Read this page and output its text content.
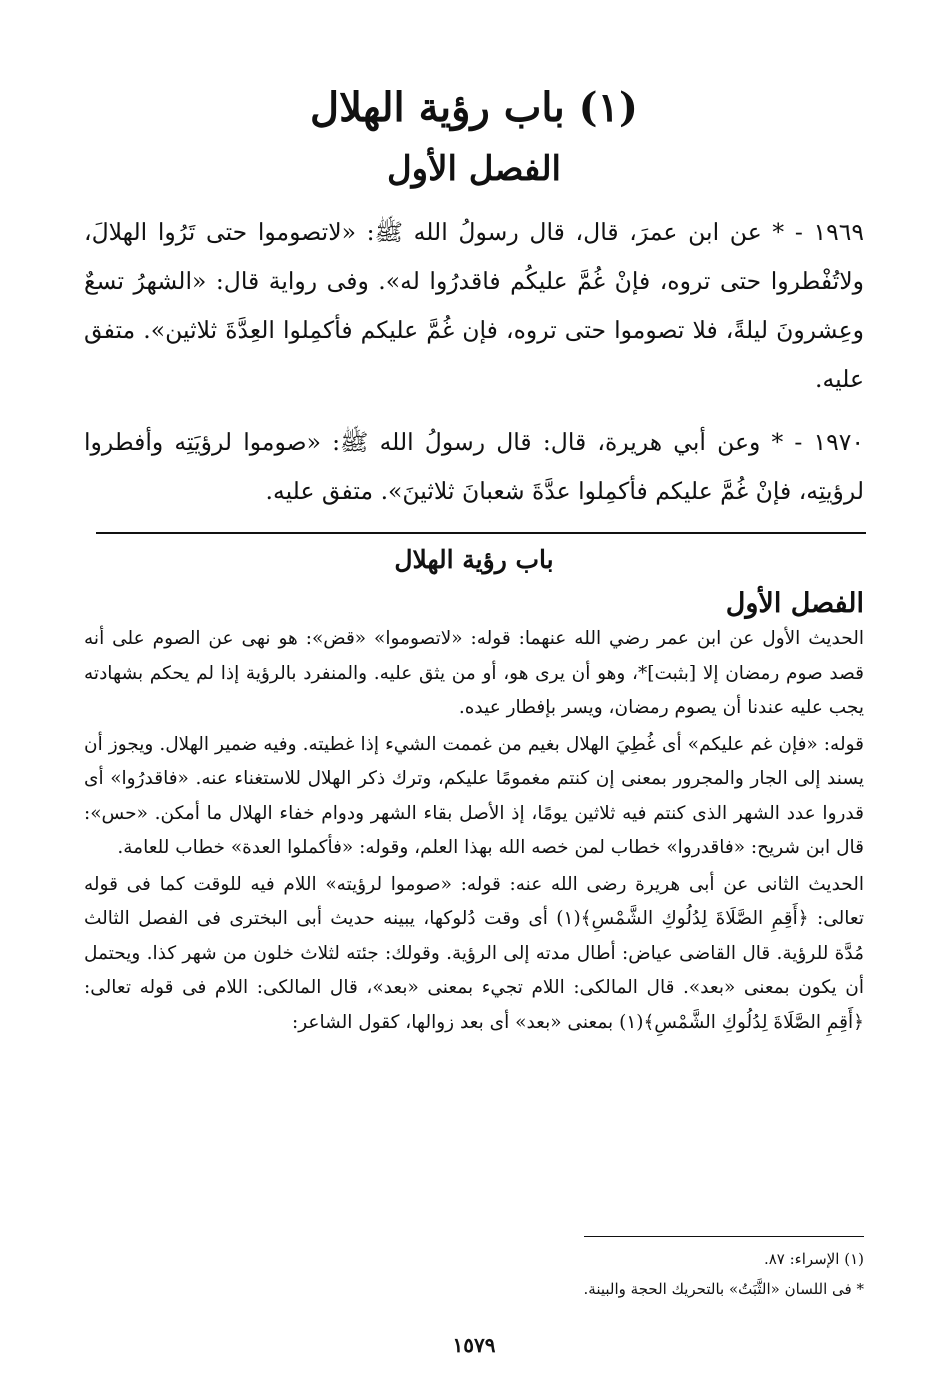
(١) باب رؤية الهلال
الفصل الأول

١٩٦٩ - * عن ابن عمرَ، قال، قال رسولُ الله ﷺ: «لاتصوموا حتى تَرُوا الهلالَ، ولاتُفْطروا حتى تروه، فإنْ غُمَّ عليكُم فاقدرُوا له». وفى رواية قال: «الشهرُ تسعٌ وعِشرونَ ليلةً، فلا تصوموا حتى تروه، فإن غُمَّ عليكم فأكمِلوا العِدَّةَ ثلاثين». متفق عليه.

١٩٧٠ - * وعن أبي هريرة، قال: قال رسولُ الله ﷺ: «صوموا لرؤيَتِه وأفطروا لرؤيتِه، فإنْ غُمَّ عليكم فأكمِلوا عدَّةَ شعبانَ ثلاثينَ». متفق عليه.

باب رؤية الهلال
الفصل الأول

الحديث الأول عن ابن عمر رضي الله عنهما: قوله: «لاتصوموا» «قض»: هو نهى عن الصوم على أنه قصد صوم رمضان إلا [بثبت]*، وهو أن يرى هو، أو من يثق عليه. والمنفرد بالرؤية إذا لم يحكم بشهادته يجب عليه عندنا أن يصوم رمضان، ويسر بإفطار عيده.

قوله: «فإن غم عليكم» أى غُطِيَ الهلال بغيم من غممت الشيء إذا غطيته. وفيه ضمير الهلال. ويجوز أن يسند إلى الجار والمجرور بمعنى إن كنتم مغمومًا عليكم، وترك ذكر الهلال للاستغناء عنه. «فاقدرُوا» أى قدروا عدد الشهر الذى كنتم فيه ثلاثين يومًا، إذ الأصل بقاء الشهر ودوام خفاء الهلال ما أمكن. «حس»: قال ابن شريح: «فاقدروا» خطاب لمن خصه الله بهذا العلم، وقوله: «فأكملوا العدة» خطاب للعامة.

الحديث الثانى عن أبى هريرة رضى الله عنه: قوله: «صوموا لرؤيته» اللام فيه للوقت كما فى قوله تعالى: ﴿أَقِمِ الصَّلَاةَ لِدُلُوكِ الشَّمْسِ﴾(١) أى وقت دُلوكها، يبينه حديث أبى البخترى فى الفصل الثالث مُدَّة للرؤية. قال القاضى عياض: أطال مدته إلى الرؤية. وقولك: جئته لثلاث خلون من شهر كذا. ويحتمل أن يكون بمعنى «بعد». قال المالكى: اللام تجيء بمعنى «بعد»، قال المالكى: اللام فى قوله تعالى: ﴿أَقِمِ الصَّلَاةَ لِدُلُوكِ الشَّمْسِ﴾(١) بمعنى «بعد» أى بعد زوالها، كقول الشاعر:

(١) الإسراء: ٨٧.
* فى اللسان «الثَّبَتُ» بالتحريك الحجة والبينة.
١٥٧٩
